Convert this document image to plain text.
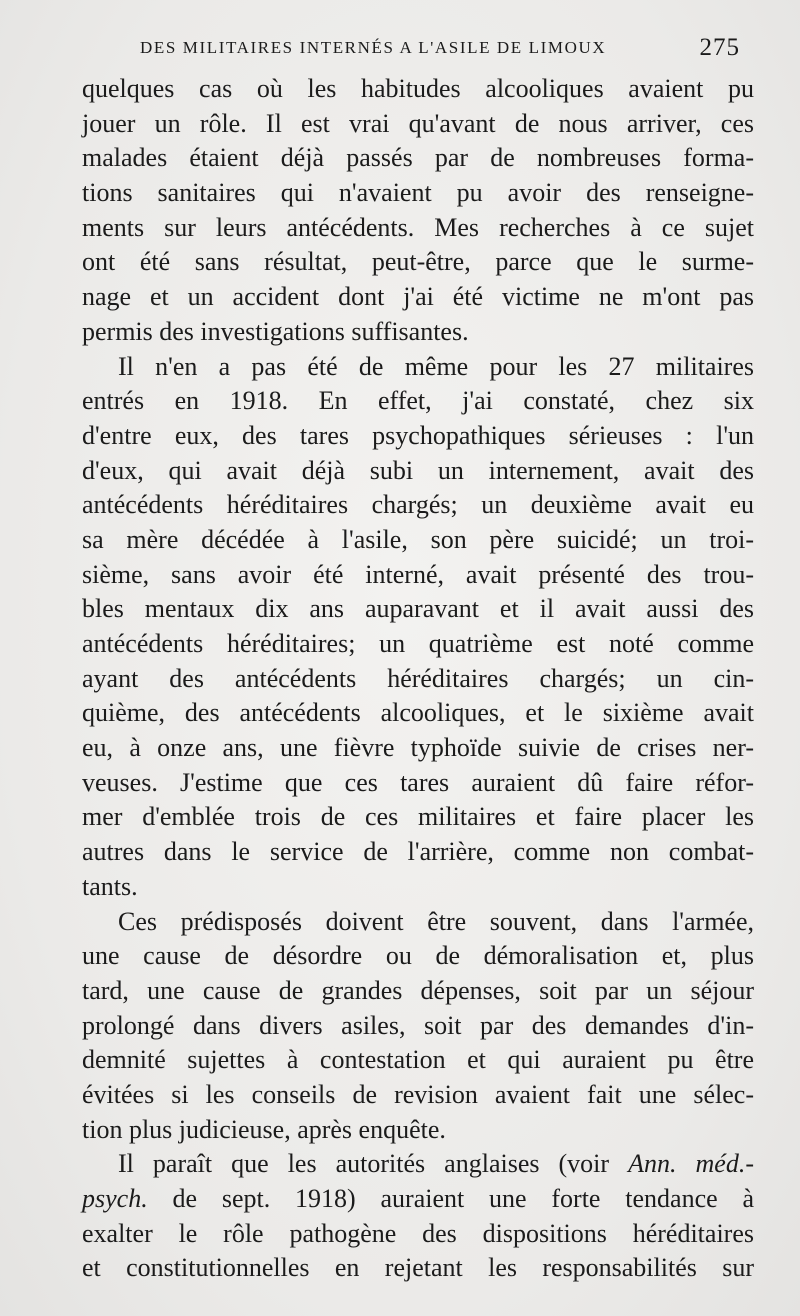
DES MILITAIRES INTERNÉS A L'ASILE DE LIMOUX	275
quelques cas où les habitudes alcooliques avaient pu
jouer un rôle. Il est vrai qu'avant de nous arriver, ces
malades étaient déjà passés par de nombreuses forma-
tions sanitaires qui n'avaient pu avoir des renseigne-
ments sur leurs antécédents. Mes recherches à ce sujet
ont été sans résultat, peut-être, parce que le surme-
nage et un accident dont j'ai été victime ne m'ont pas
permis des investigations suffisantes.
Il n'en a pas été de même pour les 27 militaires
entrés en 1918. En effet, j'ai constaté, chez six
d'entre eux, des tares psychopathiques sérieuses : l'un
d'eux, qui avait déjà subi un internement, avait des
antécédents héréditaires chargés; un deuxième avait eu
sa mère décédée à l'asile, son père suicidé; un troi-
sième, sans avoir été interné, avait présenté des trou-
bles mentaux dix ans auparavant et il avait aussi des
antécédents héréditaires; un quatrième est noté comme
ayant des antécédents héréditaires chargés; un cin-
quième, des antécédents alcooliques, et le sixième avait
eu, à onze ans, une fièvre typhoïde suivie de crises ner-
veuses. J'estime que ces tares auraient dû faire réfor-
mer d'emblée trois de ces militaires et faire placer les
autres dans le service de l'arrière, comme non combat-
tants.
Ces prédisposés doivent être souvent, dans l'armée,
une cause de désordre ou de démoralisation et, plus
tard, une cause de grandes dépenses, soit par un séjour
prolongé dans divers asiles, soit par des demandes d'in-
demnité sujettes à contestation et qui auraient pu être
évitées si les conseils de revision avaient fait une sélec-
tion plus judicieuse, après enquête.
Il paraît que les autorités anglaises (voir Ann. méd.-
psych. de sept. 1918) auraient une forte tendance à
exalter le rôle pathogène des dispositions héréditaires
et constitutionnelles en rejetant les responsabilités sur
